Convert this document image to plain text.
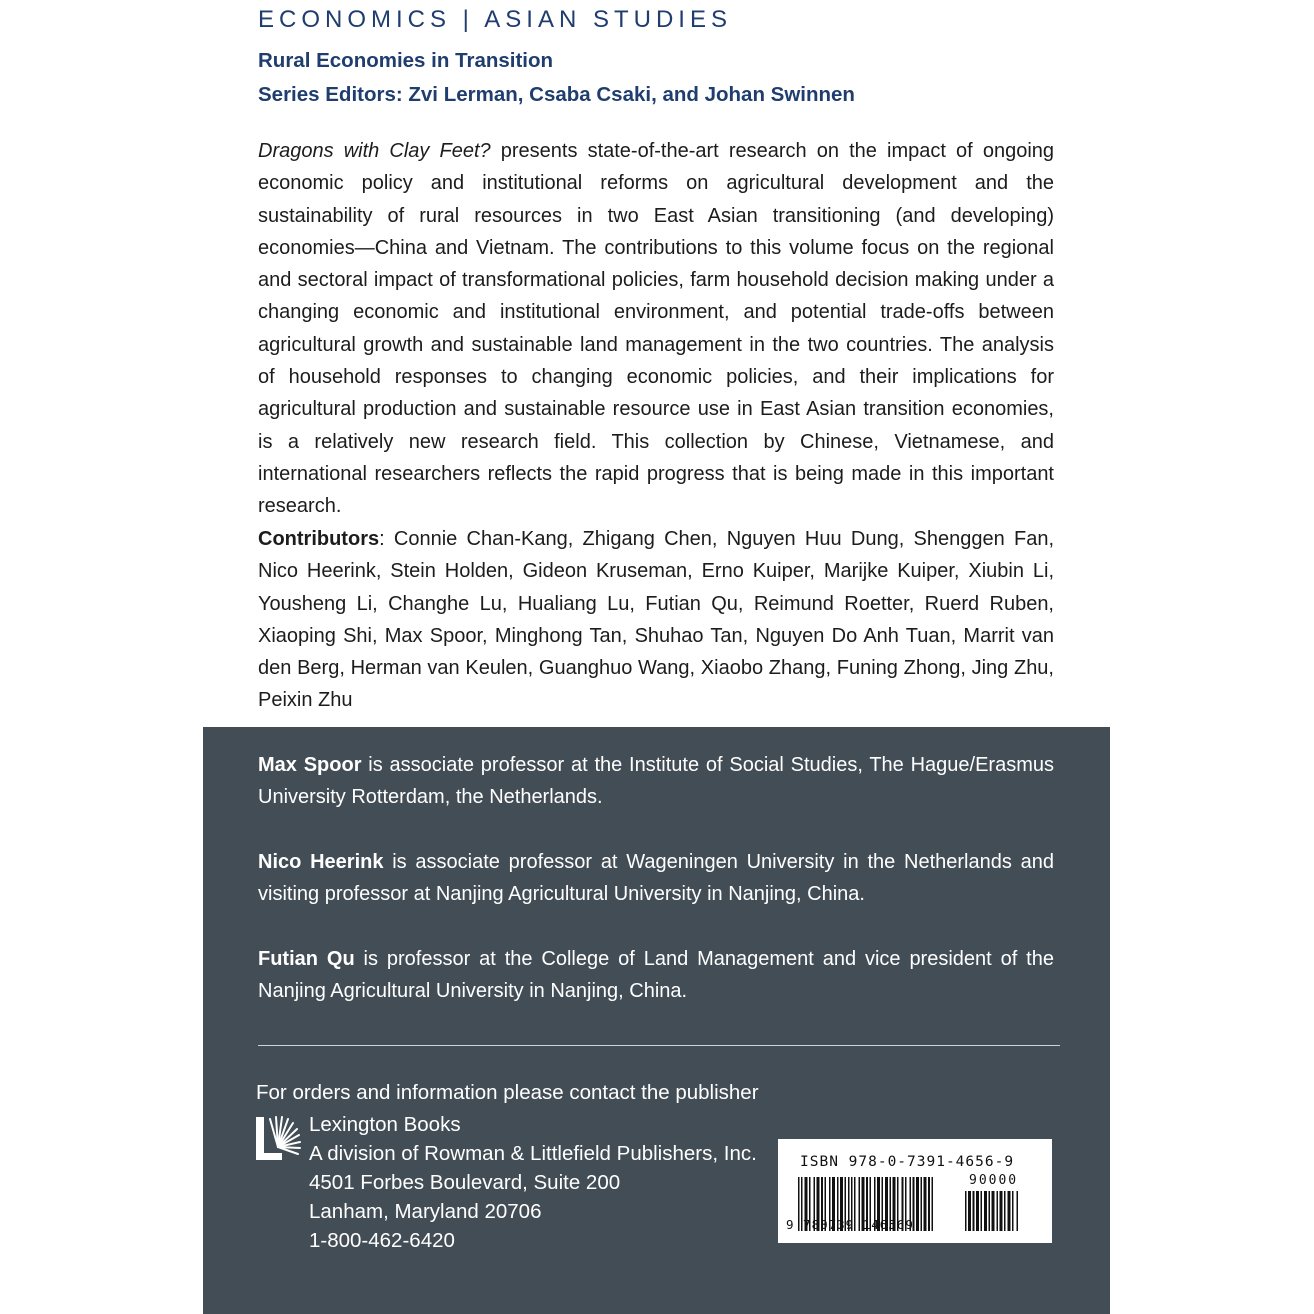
ECONOMICS | ASIAN STUDIES
Rural Economies in Transition
Series Editors: Zvi Lerman, Csaba Csaki, and Johan Swinnen
Dragons with Clay Feet? presents state-of-the-art research on the impact of ongoing economic policy and institutional reforms on agricultural development and the sustainability of rural resources in two East Asian transitioning (and developing) economies—China and Vietnam. The contributions to this volume focus on the regional and sectoral impact of transformational policies, farm household decision making under a changing economic and institutional environment, and potential trade-offs between agricultural growth and sustainable land management in the two countries. The analysis of household responses to changing economic policies, and their implications for agricultural production and sustainable resource use in East Asian transition economies, is a relatively new research field. This collection by Chinese, Vietnamese, and international researchers reflects the rapid progress that is being made in this important research.
Contributors: Connie Chan-Kang, Zhigang Chen, Nguyen Huu Dung, Shenggen Fan, Nico Heerink, Stein Holden, Gideon Kruseman, Erno Kuiper, Marijke Kuiper, Xiubin Li, Yousheng Li, Changhe Lu, Hualiang Lu, Futian Qu, Reimund Roetter, Ruerd Ruben, Xiaoping Shi, Max Spoor, Minghong Tan, Shuhao Tan, Nguyen Do Anh Tuan, Marrit van den Berg, Herman van Keulen, Guanghuo Wang, Xiaobo Zhang, Funing Zhong, Jing Zhu, Peixin Zhu
Max Spoor is associate professor at the Institute of Social Studies, The Hague/Erasmus University Rotterdam, the Netherlands.
Nico Heerink is associate professor at Wageningen University in the Netherlands and visiting professor at Nanjing Agricultural University in Nanjing, China.
Futian Qu is professor at the College of Land Management and vice president of the Nanjing Agricultural University in Nanjing, China.
For orders and information please contact the publisher
Lexington Books
A division of Rowman & Littlefield Publishers, Inc.
4501 Forbes Boulevard, Suite 200
Lanham, Maryland 20706
1-800-462-6420
ISBN 978-0-7391-4656-9
90000
9 780739 146569
